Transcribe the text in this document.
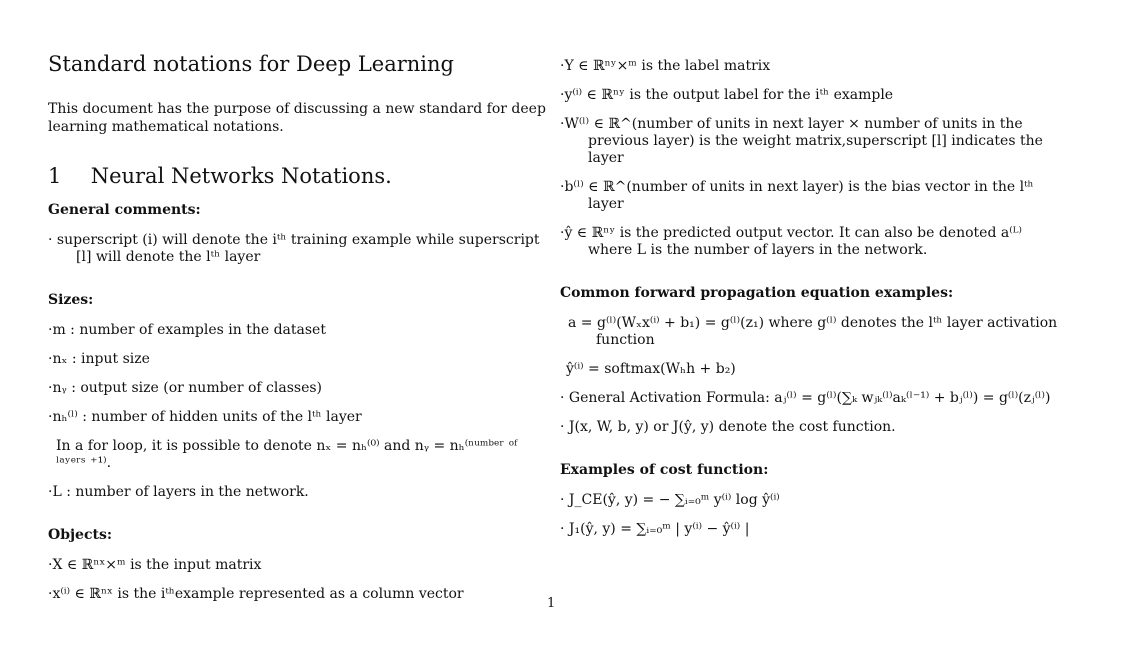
Standard notations for Deep Learning

This document has the purpose of discussing a new standard for deep learning mathematical notations.

1 Neural Networks Notations.
General comments:

· superscript (i) will denote the iᵗʰ training example while superscript [l] will denote the lᵗʰ layer

Sizes:

·m : number of examples in the dataset

·nₓ : input size

·nᵧ : output size (or number of classes)

·nₕ⁽ˡ⁾ : number of hidden units of the lᵗʰ layer

In a for loop, it is possible to denote nₓ = nₕ⁽⁰⁾ and nᵧ = nₕ⁽ⁿᵘᵐᵇᵉʳ ᵒᶠ ˡᵃʸᵉʳˢ ⁺¹⁾.

·L : number of layers in the network.

Objects:

·X ∈ ℝⁿˣ×ᵐ is the input matrix

·x⁽ⁱ⁾ ∈ ℝⁿˣ is the iᵗʰexample represented as a column vector

·Y ∈ ℝⁿʸ×ᵐ is the label matrix

·y⁽ⁱ⁾ ∈ ℝⁿʸ is the output label for the iᵗʰ example

·W⁽ˡ⁾ ∈ ℝ^(number of units in next layer × number of units in the previous layer) is the weight matrix,superscript [l] indicates the layer

·b⁽ˡ⁾ ∈ ℝ^(number of units in next layer) is the bias vector in the lᵗʰ layer

·ŷ ∈ ℝⁿʸ is the predicted output vector. It can also be denoted a⁽ᴸ⁾ where L is the number of layers in the network.

Common forward propagation equation examples:

a = g⁽ˡ⁾(Wₓx⁽ⁱ⁾ + b₁) = g⁽ˡ⁾(z₁) where g⁽ˡ⁾ denotes the lᵗʰ layer activation function

ŷ⁽ⁱ⁾ = softmax(Wₕh + b₂)

· General Activation Formula: aⱼ⁽ˡ⁾ = g⁽ˡ⁾(∑ₖ wⱼₖ⁽ˡ⁾aₖ⁽ˡ⁻¹⁾ + bⱼ⁽ˡ⁾) = g⁽ˡ⁾(zⱼ⁽ˡ⁾)

· J(x, W, b, y) or J(ŷ, y) denote the cost function.

Examples of cost function:

· J_CE(ŷ, y) = − ∑ᵢ₌₀ᵐ y⁽ⁱ⁾ log ŷ⁽ⁱ⁾

· J₁(ŷ, y) = ∑ᵢ₌₀ᵐ | y⁽ⁱ⁾ − ŷ⁽ⁱ⁾ |

1
